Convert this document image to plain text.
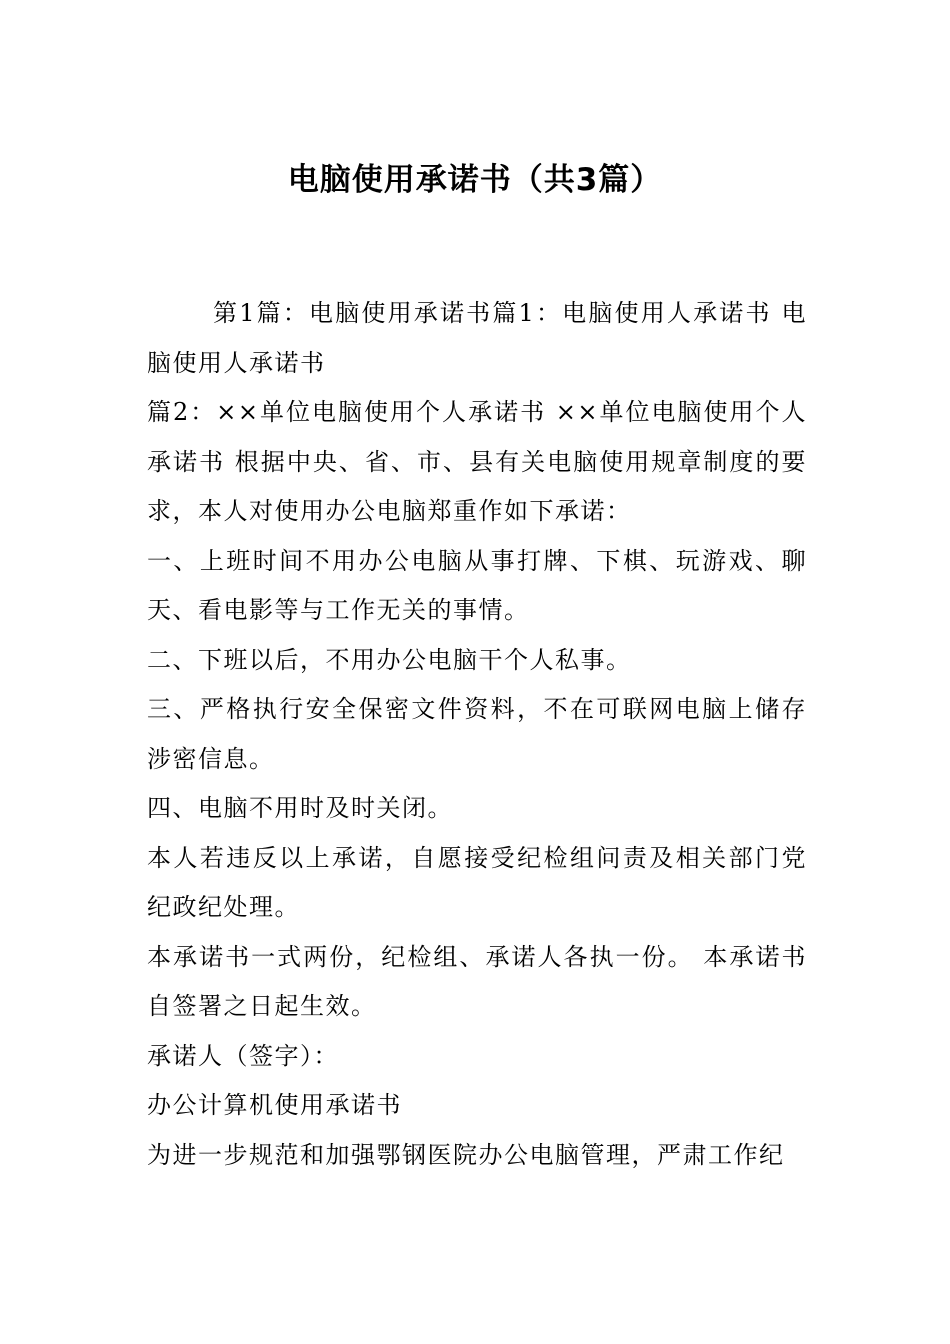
电脑使用承诺书（共3篇）

第1篇：电脑使用承诺书篇1：电脑使用人承诺书 电脑使用人承诺书

篇2：××单位电脑使用个人承诺书 ××单位电脑使用个人承诺书 根据中央、省、市、县有关电脑使用规章制度的要求，本人对使用办公电脑郑重作如下承诺：

一、上班时间不用办公电脑从事打牌、下棋、玩游戏、聊天、看电影等与工作无关的事情。

二、下班以后，不用办公电脑干个人私事。

三、严格执行安全保密文件资料，不在可联网电脑上储存涉密信息。

四、电脑不用时及时关闭。

本人若违反以上承诺，自愿接受纪检组问责及相关部门党纪政纪处理。

本承诺书一式两份，纪检组、承诺人各执一份。 本承诺书自签署之日起生效。

承诺人（签字）：

办公计算机使用承诺书

为进一步规范和加强鄂钢医院办公电脑管理，严肃工作纪
